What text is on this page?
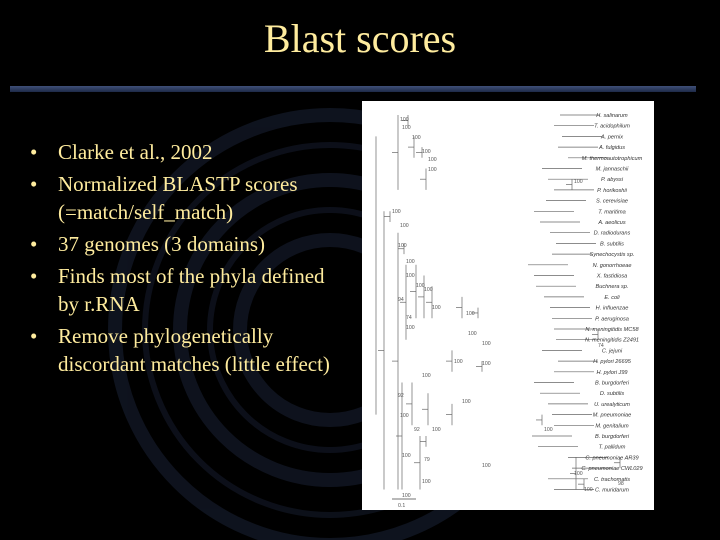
Blast scores
• Clarke et al., 2002
• Normalized BLASTP scores (=match/self_match)
• 37 genomes (3 domains)
• Finds most of the phyla defined by r.RNA
• Remove phylogenetically discordant matches (little effect)
H. salinarum
T. acidophilum
A. pernix
A. fulgidus
M. thermoautotrophicum
M. jannaschii
P. abyssi
P. horikoshii
S. cerevisiae
T. maritima
A. aeolicus
D. radiodurans
B. subtilis
Synechocystis sp.
N. gonorrhoeae
X. fastidiosa
Buchnera sp.
E. coli
H. influenzae
P. aeruginosa
N. meningitidis MC58
N. meningitidis Z2491
C. jejuni
H. pylori 26695
H. pylori J99
B. burgdorferi
D. subtilis
U. urealyticum
M. pneumoniae
M. genitalium
B. burgdorferi
T. pallidum
C. pneumoniae AR39
C. pneumoniae CWL029
C. trachomatis
C. muridarum
100
100
100
100
100
100
100
100
100
100
100
100
100
100
94
100
100
74
100
100
100	74
100	100
100
92
100
100
92 100	100
100
79
100
100
100
98
100
100
0.1
